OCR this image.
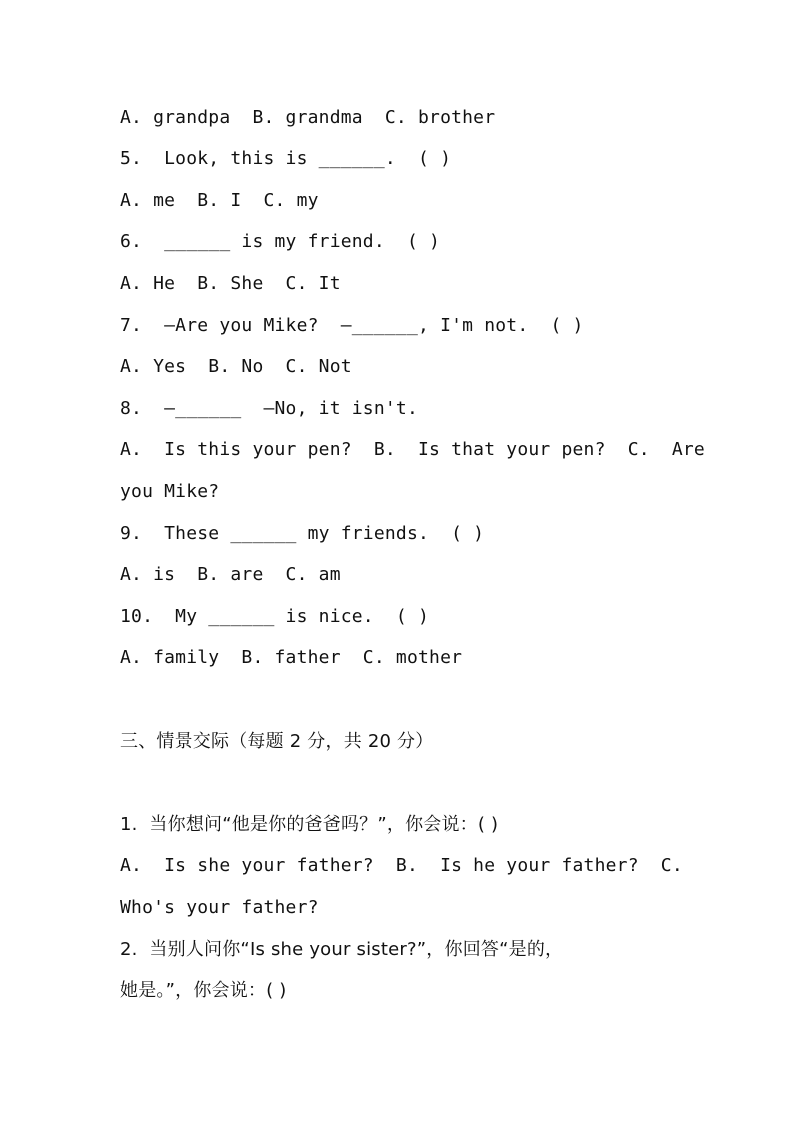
A. grandpa  B. grandma  C. brother
5.  Look, this is ______.  ( )
A. me  B. I  C. my
6.  ______ is my friend.  ( )
A. He  B. She  C. It
7.  —Are you Mike?  —______, I'm not.  ( )
A. Yes  B. No  C. Not
8.  —______  —No, it isn't.
A.  Is this your pen?  B.  Is that your pen?  C.  Are
you Mike?
9.  These ______ my friends.  ( )
A. is  B. are  C. am
10.  My ______ is nice.  ( )
A. family  B. father  C. mother
三、情景交际（每题 2 分，共 20 分）
1.  当你想问“他是你的爸爸吗？”，你会说：( )
A.  Is she your father?  B.  Is he your father?  C.
Who's your father?
2.  当别人问你“Is she your sister?”，你回答“是的，
她是。”，你会说：( )
